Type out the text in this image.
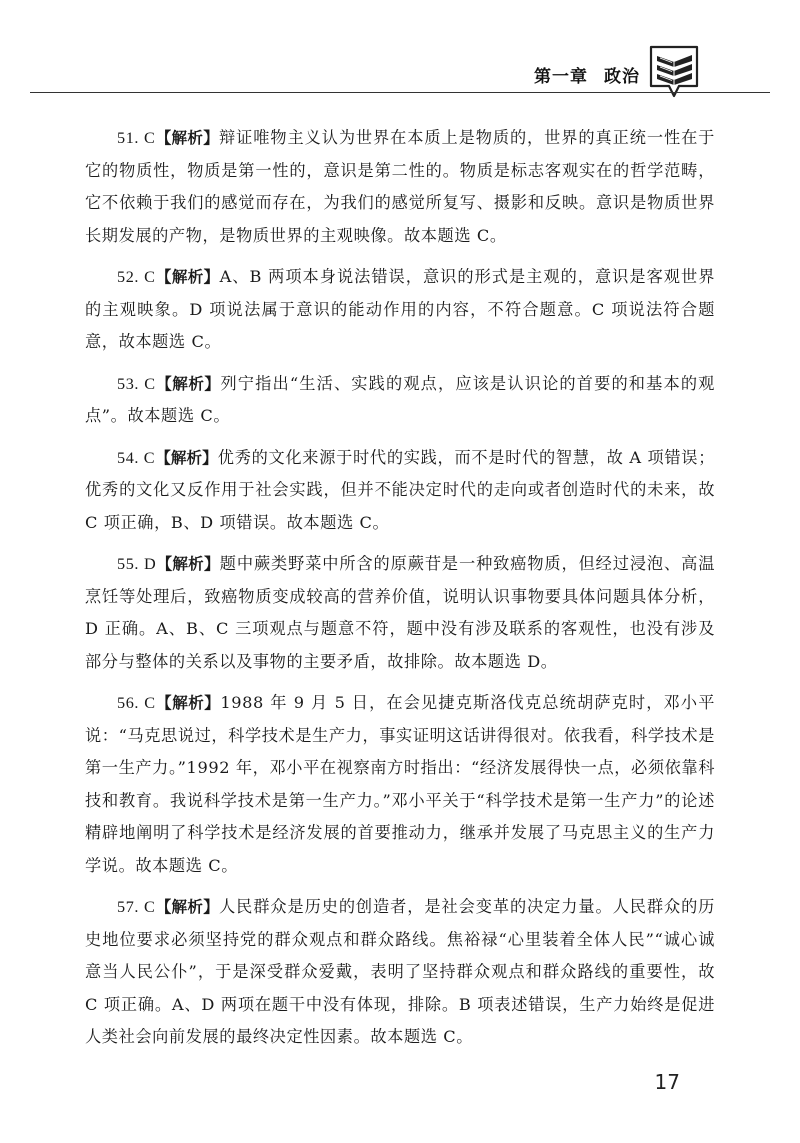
第一章 政治

51. C【解析】辩证唯物主义认为世界在本质上是物质的，世界的真正统一性在于它的物质性，物质是第一性的，意识是第二性的。物质是标志客观实在的哲学范畴，它不依赖于我们的感觉而存在，为我们的感觉所复写、摄影和反映。意识是物质世界长期发展的产物，是物质世界的主观映像。故本题选 C。

52. C【解析】A、B 两项本身说法错误，意识的形式是主观的，意识是客观世界的主观映象。D 项说法属于意识的能动作用的内容，不符合题意。C 项说法符合题意，故本题选 C。

53. C【解析】列宁指出“生活、实践的观点，应该是认识论的首要的和基本的观点”。故本题选 C。

54. C【解析】优秀的文化来源于时代的实践，而不是时代的智慧，故 A 项错误；优秀的文化又反作用于社会实践，但并不能决定时代的走向或者创造时代的未来，故 C 项正确，B、D 项错误。故本题选 C。

55. D【解析】题中蕨类野菜中所含的原蕨苷是一种致癌物质，但经过浸泡、高温烹饪等处理后，致癌物质变成较高的营养价值，说明认识事物要具体问题具体分析，D 正确。A、B、C 三项观点与题意不符，题中没有涉及联系的客观性，也没有涉及部分与整体的关系以及事物的主要矛盾，故排除。故本题选 D。

56. C【解析】1988 年 9 月 5 日，在会见捷克斯洛伐克总统胡萨克时，邓小平说：“马克思说过，科学技术是生产力，事实证明这话讲得很对。依我看，科学技术是第一生产力。”1992 年，邓小平在视察南方时指出：“经济发展得快一点，必须依靠科技和教育。我说科学技术是第一生产力。”邓小平关于“科学技术是第一生产力”的论述精辟地阐明了科学技术是经济发展的首要推动力，继承并发展了马克思主义的生产力学说。故本题选 C。

57. C【解析】人民群众是历史的创造者，是社会变革的决定力量。人民群众的历史地位要求必须坚持党的群众观点和群众路线。焦裕禄“心里装着全体人民”“诚心诚意当人民公仆”，于是深受群众爱戴，表明了坚持群众观点和群众路线的重要性，故 C 项正确。A、D 两项在题干中没有体现，排除。B 项表述错误，生产力始终是促进人类社会向前发展的最终决定性因素。故本题选 C。

17
